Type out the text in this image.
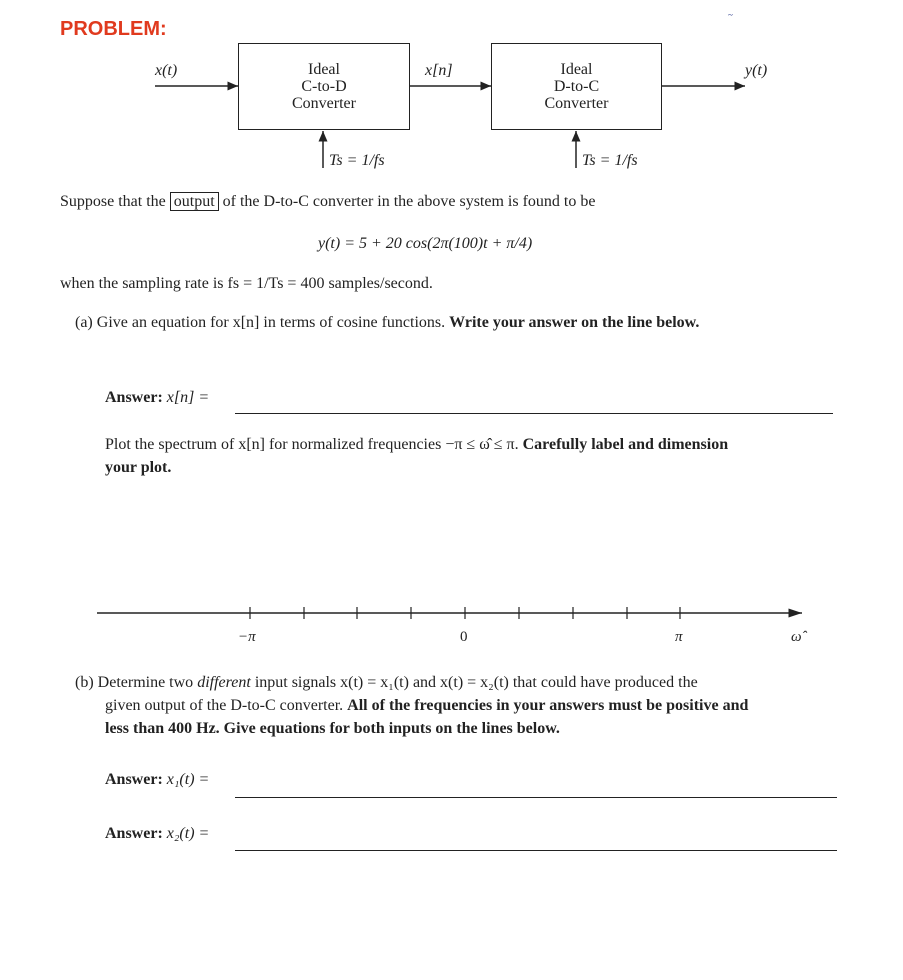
PROBLEM:
~
x(t)	Ideal
C-to-D
Converter
x[n]	Ideal
D-to-C
Converter
y(t)
Ts = 1/fs	Ts = 1/fs
Suppose that the output of the D-to-C converter in the above system is found to be
y(t) = 5 + 20 cos(2π(100)t + π/4)
when the sampling rate is fs = 1/Ts = 400 samples/second.
(a) Give an equation for x[n] in terms of cosine functions. Write your answer on the line below.
Answer: x[n] =
Plot the spectrum of x[n] for normalized frequencies −π ≤ ω̂ ≤ π. Carefully label and dimension
your plot.
−π	0	π	ω̂
(b) Determine two different input signals x(t) = x₁(t) and x(t) = x₂(t) that could have produced the
given output of the D-to-C converter. All of the frequencies in your answers must be positive and
less than 400 Hz. Give equations for both inputs on the lines below.
Answer: x₁(t) =
Answer: x₂(t) =
